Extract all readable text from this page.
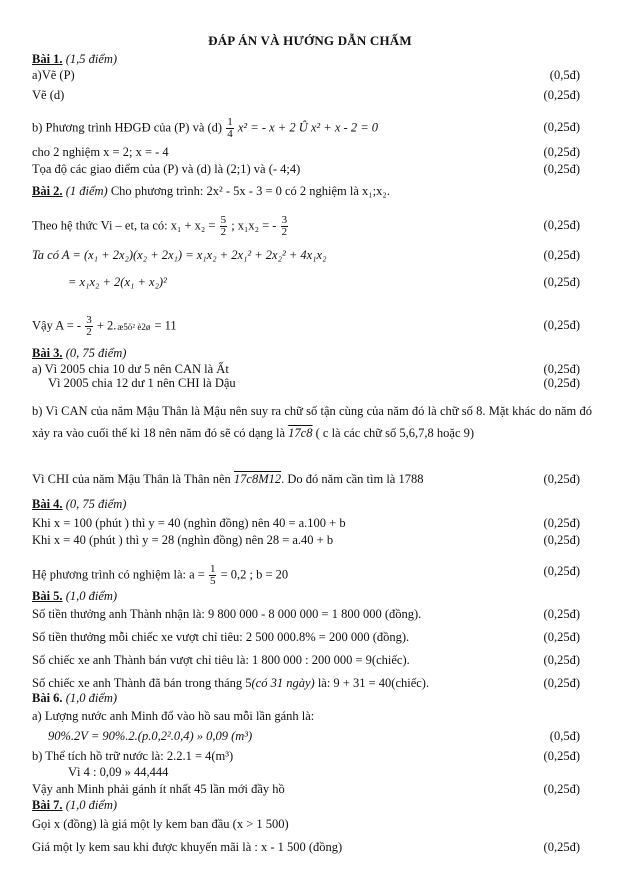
ĐÁP ÁN VÀ HƯỚNG DẪN CHẤM
Bài 1. (1,5 điểm)
a)Vẽ (P)	(0,5đ)
Vẽ (d)	(0,25đ)
b) Phương trình HĐGĐ của (P) và $(d) \frac{1}{4} x^2$ = - x + 2 Û x² + x - 2 = 0	(0,25đ)
cho 2 nghiệm x = 2; x = - 4	(0,25đ)
Tọa độ các giao điểm của (P) và (d) là (2;1) và (- 4;4)	(0,25đ)
Bài 2. (1 điểm) Cho phương trình: 2x² - 5x - 3 = 0 có 2 nghiệm là x₁;x₂.
Theo hệ thức Vi – et, ta có: $x_1 + x_2 = \frac{5}{2}$ ; x₁x₂ = - $\frac{3}{2}$	(0,25đ)
Ta có A = (x₁ + 2x₂)(x₂ + 2x₁) = x₁x₂ + 2x₁² + 2x₂² + 4x₁x₂	(0,25đ)
= x₁x₂ + 2(x₁ + x₂)²	(0,25đ)
Vậy A = - $\frac{3}{2}$ + 2.æ5ö² è2ø = 11	(0,25đ)
Bài 3. (0, 75 điểm)
a) Vì 2005 chia 10 dư 5 nên CAN là Ất	(0,25đ)
Vì 2005 chia 12 dư 1 nên CHI là Dậu	(0,25đ)
b) Vì CAN của năm Mậu Thân là Mậu nên suy ra chữ số tận cùng của năm đó là chữ số 8. Mặt khác do năm đó xảy ra vào cuối thế kỉ 18 nên năm đó sẽ có dạng là 17c8 ( c là các chữ số 5,6,7,8 hoặc 9)
Vì CHI của năm Mậu Thân là Thân nên 17c8M12. Do đó năm cần tìm là 1788	(0,25đ)
Bài 4. (0, 75 điểm)
Khi x = 100 (phút ) thì y = 40 (nghìn đồng) nên 40 = a.100 + b	(0,25đ)
Khi x = 40 (phút ) thì y = 28 (nghìn đồng) nên 28 = a.40 + b	(0,25đ)
Hệ phương trình có nghiệm là: $a = \frac{1}{5} = 0,2$ ; b = 20	(0,25đ)
Bài 5. (1,0 điểm)
Số tiền thưởng anh Thành nhận là: 9 800 000 - 8 000 000 = 1 800 000 (đồng).	(0,25đ)
Số tiền thưởng mỗi chiếc xe vượt chỉ tiêu: 2 500 000.8% = 200 000 (đồng).	(0,25đ)
Số chiếc xe anh Thành bán vượt chỉ tiêu là: 1 800 000 : 200 000 = 9(chiếc).	(0,25đ)
Số chiếc xe anh Thành đã bán trong tháng 5(có 31 ngày) là: 9 + 31 = 40(chiếc).	(0,25đ)
Bài 6. (1,0 điểm)
a) Lượng nước anh Minh đổ vào hồ sau mỗi lần gánh là:
90%.2V = 90%.2.(p.0,2².0,4) » 0,09 (m³)	(0,5đ)
b) Thể tích hồ trữ nước là: 2.2.1 = 4(m³)	(0,25đ)
Vì 4 : 0,09 » 44,444
Vậy anh Minh phải gánh ít nhất 45 lần mới đầy hồ	(0,25đ)
Bài 7. (1,0 điểm)
Gọi x (đồng) là giá một ly kem ban đầu (x > 1 500)
Giá một ly kem sau khi được khuyến mãi là : x - 1 500 (đồng)	(0,25đ)
